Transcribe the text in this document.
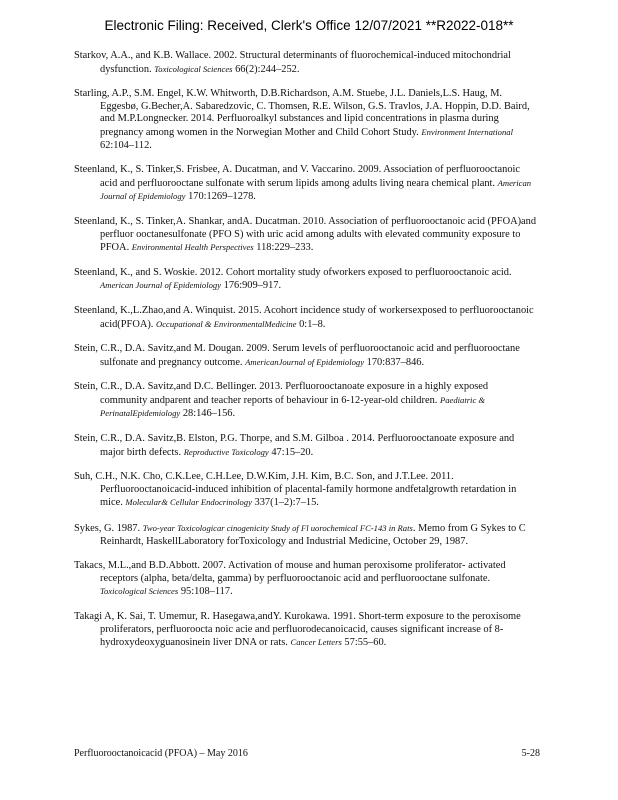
Electronic Filing: Received, Clerk's Office 12/07/2021 **R2022-018**

Starkov, A.A., and K.B. Wallace. 2002. Structural determinants of fluorochemical-induced mitochondrial dysfunction. Toxicological Sciences 66(2):244–252.

Starling, A.P., S.M. Engel, K.W. Whitworth, D.B.Richardson, A.M. Stuebe, J.L. Daniels,L.S. Haug, M. Eggesbø, G.Becher,A. Sabaredzovic, C. Thomsen, R.E. Wilson, G.S. Travlos, J.A. Hoppin, D.D. Baird, and M.P.Longnecker. 2014. Perfluoroalkyl substances and lipid concentrations in plasma during pregnancy among women in the Norwegian Mother and Child Cohort Study. Environment International 62:104–112.

Steenland, K., S. Tinker,S. Frisbee, A. Ducatman, and V. Vaccarino. 2009. Association of perfluorooctanoic acid and perfluorooctane sulfonate with serum lipids among adults living neara chemical plant. American Journal of Epidemiology 170:1269–1278.

Steenland, K., S. Tinker,A. Shankar, andA. Ducatman. 2010. Association of perfluorooctanoic acid (PFOA)and perfluor ooctanesulfonate (PFO S) with uric acid among adults with elevated community exposure to PFOA. Environmental Health Perspectives 118:229–233.

Steenland, K., and S. Woskie. 2012. Cohort mortality study ofworkers exposed to perfluorooctanoic acid. American Journal of Epidemiology 176:909–917.

Steenland, K.,L.Zhao,and A. Winquist. 2015. Acohort incidence study of workersexposed to perfluorooctanoic acid(PFOA). Occupational & EnvironmentalMedicine 0:1–8.

Stein, C.R., D.A. Savitz,and M. Dougan. 2009. Serum levels of perfluorooctanoic acid and perfluorooctane sulfonate and pregnancy outcome. AmericanJournal of Epidemiology 170:837–846.

Stein, C.R., D.A. Savitz,and D.C. Bellinger. 2013. Perfluorooctanoate exposure in a highly exposed community andparent and teacher reports of behaviour in 6-12-year-old children. Paediatric & PerinatalEpidemiology 28:146–156.

Stein, C.R., D.A. Savitz,B. Elston, P.G. Thorpe, and S.M. Gilboa . 2014. Perfluorooctanoate exposure and major birth defects. Reproductive Toxicology 47:15–20.

Suh, C.H., N.K. Cho, C.K.Lee, C.H.Lee, D.W.Kim, J.H. Kim, B.C. Son, and J.T.Lee. 2011. Perfluorooctanoicacid-induced inhibition of placental-family hormone andfetalgrowth retardation in mice. Molecular& Cellular Endocrinology 337(1–2):7–15.

Sykes, G. 1987. Two-year Toxicologicar cinogenicity Study of Fl uorochemical FC-143 in Rats. Memo from G Sykes to C Reinhardt, HaskellLaboratory forToxicology and Industrial Medicine, October 29, 1987.

Takacs, M.L.,and B.D.Abbott. 2007. Activation of mouse and human peroxisome proliferator- activated receptors (alpha, beta/delta, gamma) by perfluorooctanoic acid and perfluorooctane sulfonate. Toxicological Sciences 95:108–117.

Takagi A, K. Sai, T. Umemur, R. Hasegawa,andY. Kurokawa. 1991. Short-term exposure to the peroxisome proliferators, perfluoroocta noic acie and perfluorodecanoicacid, causes significant increase of 8-hydroxydeoxyguanosinein liver DNA or rats. Cancer Letters 57:55–60.

Perfluorooctanoicacid (PFOA) – May 2016	5-28
